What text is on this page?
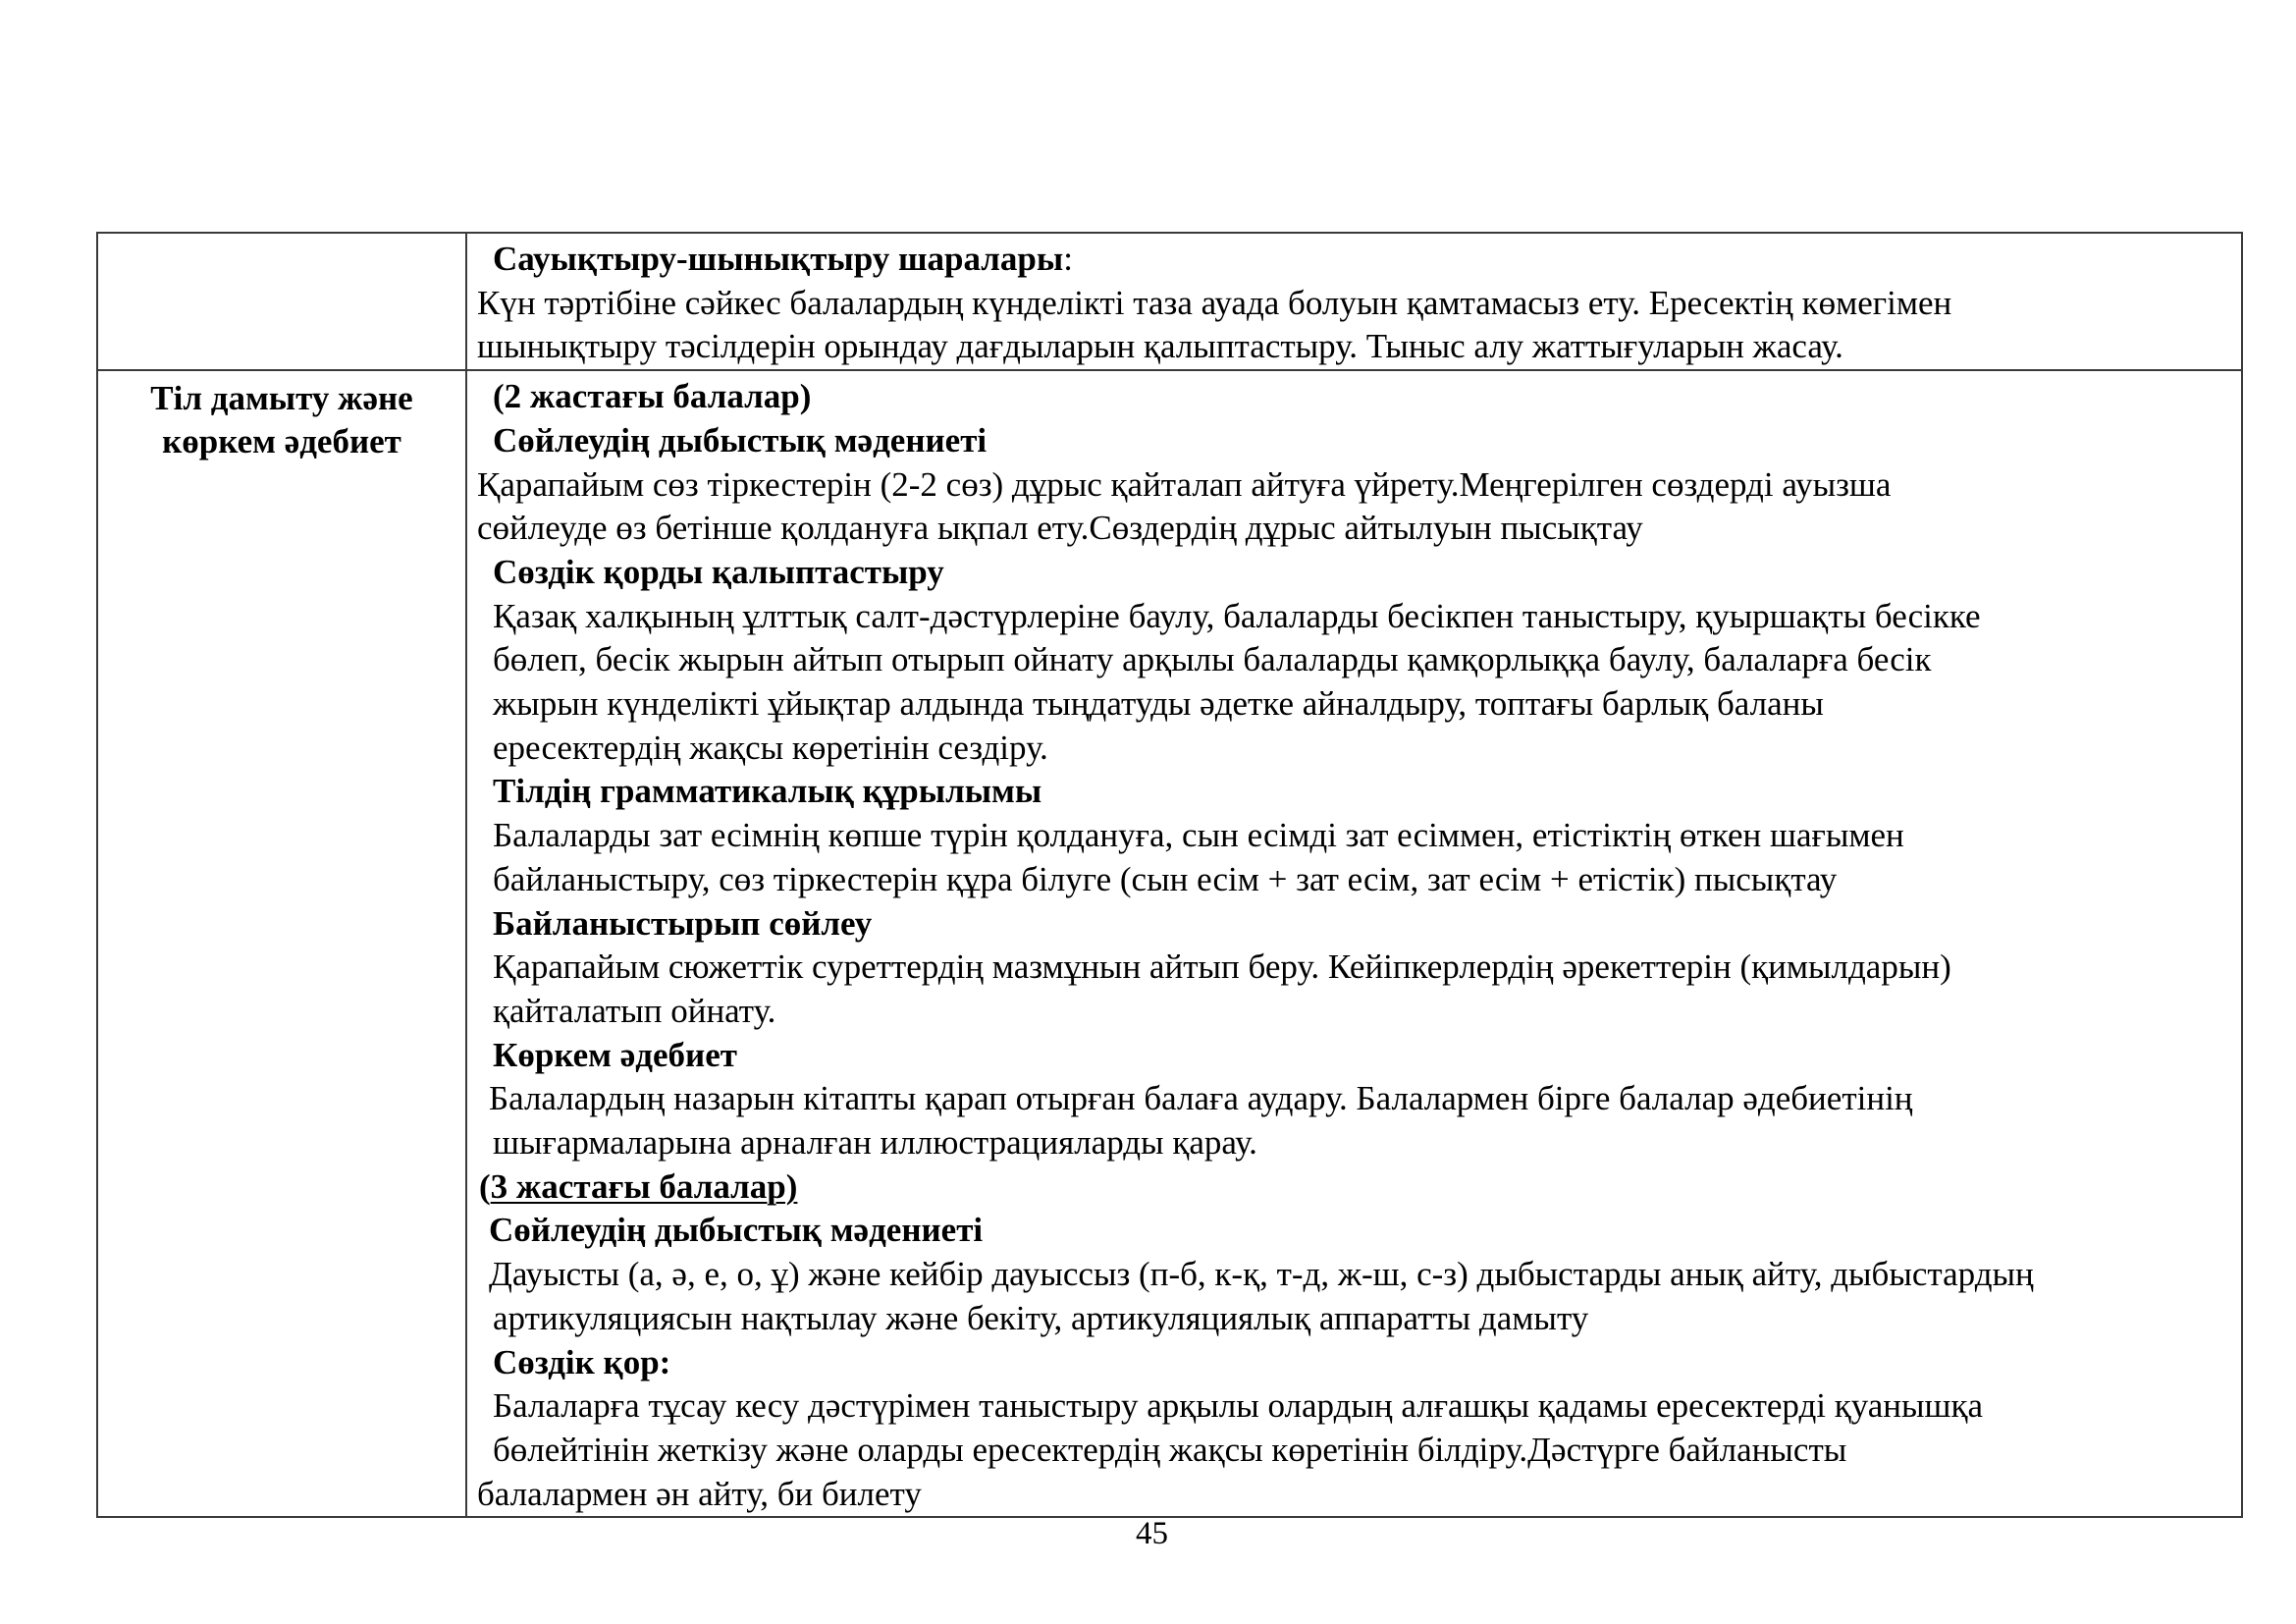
	Сауықтыру-шынықтыру шаралары:
Күн тәртібіне сәйкес балалардың күнделікті таза ауада болуын қамтамасыз ету. Ересектің көмегімен
шынықтыру тәсілдерін орындау дағдыларын қалыптастыру. Тыныс алу жаттығуларын жасау.

Тіл дамыту және
көркем әдебиет

(2 жастағы балалар)
Сөйлеудің дыбыстық мәдениеті
Қарапайым сөз тіркестерін (2-2 сөз) дұрыс қайталап айтуға үйрету.Меңгерілген сөздерді ауызша
сөйлеуде өз бетінше қолдануға ықпал ету.Сөздердің дұрыс айтылуын пысықтау
Сөздік қорды қалыптастыру
Қазақ халқының ұлттық салт-дәстүрлеріне баулу, балаларды бесікпен таныстыру, қуыршақты бесікке
бөлеп, бесік жырын айтып отырып ойнату арқылы балаларды қамқорлыққа баулу, балаларға бесік
жырын күнделікті ұйықтар алдында тыңдатуды әдетке айналдыру, топтағы барлық баланы
ересектердің жақсы көретінін сездіру.
Тілдің грамматикалық құрылымы
Балаларды зат есімнің көпше түрін қолдануға, сын есімді зат есіммен, етістіктің өткен шағымен
байланыстыру, сөз тіркестерін құра білуге (сын есім + зат есім, зат есім + етістік) пысықтау
Байланыстырып сөйлеу
Қарапайым сюжеттік суреттердің мазмұнын айтып беру. Кейіпкерлердің әрекеттерін (қимылдарын)
қайталатып ойнату.
Көркем әдебиет
Балалардың назарын кітапты қарап отырған балаға аудару. Балалармен бірге балалар әдебиетінің
шығармаларына арналған иллюстрацияларды қарау.
(3 жастағы балалар)
Сөйлеудің дыбыстық мәдениеті
Дауысты (а, ә, е, о, ұ) және кейбір дауыссыз (п-б, к-қ, т-д, ж-ш, с-з) дыбыстарды анық айту, дыбыстардың
артикуляциясын нақтылау және бекіту, артикуляциялық аппаратты дамыту
Сөздік қор:
Балаларға тұсау кесу дәстүрімен таныстыру арқылы олардың алғашқы қадамы ересектерді қуанышқа
бөлейтінін жеткізу және оларды ересектердің жақсы көретінін білдіру.Дәстүрге байланысты
балалармен ән айту, би билету
45
